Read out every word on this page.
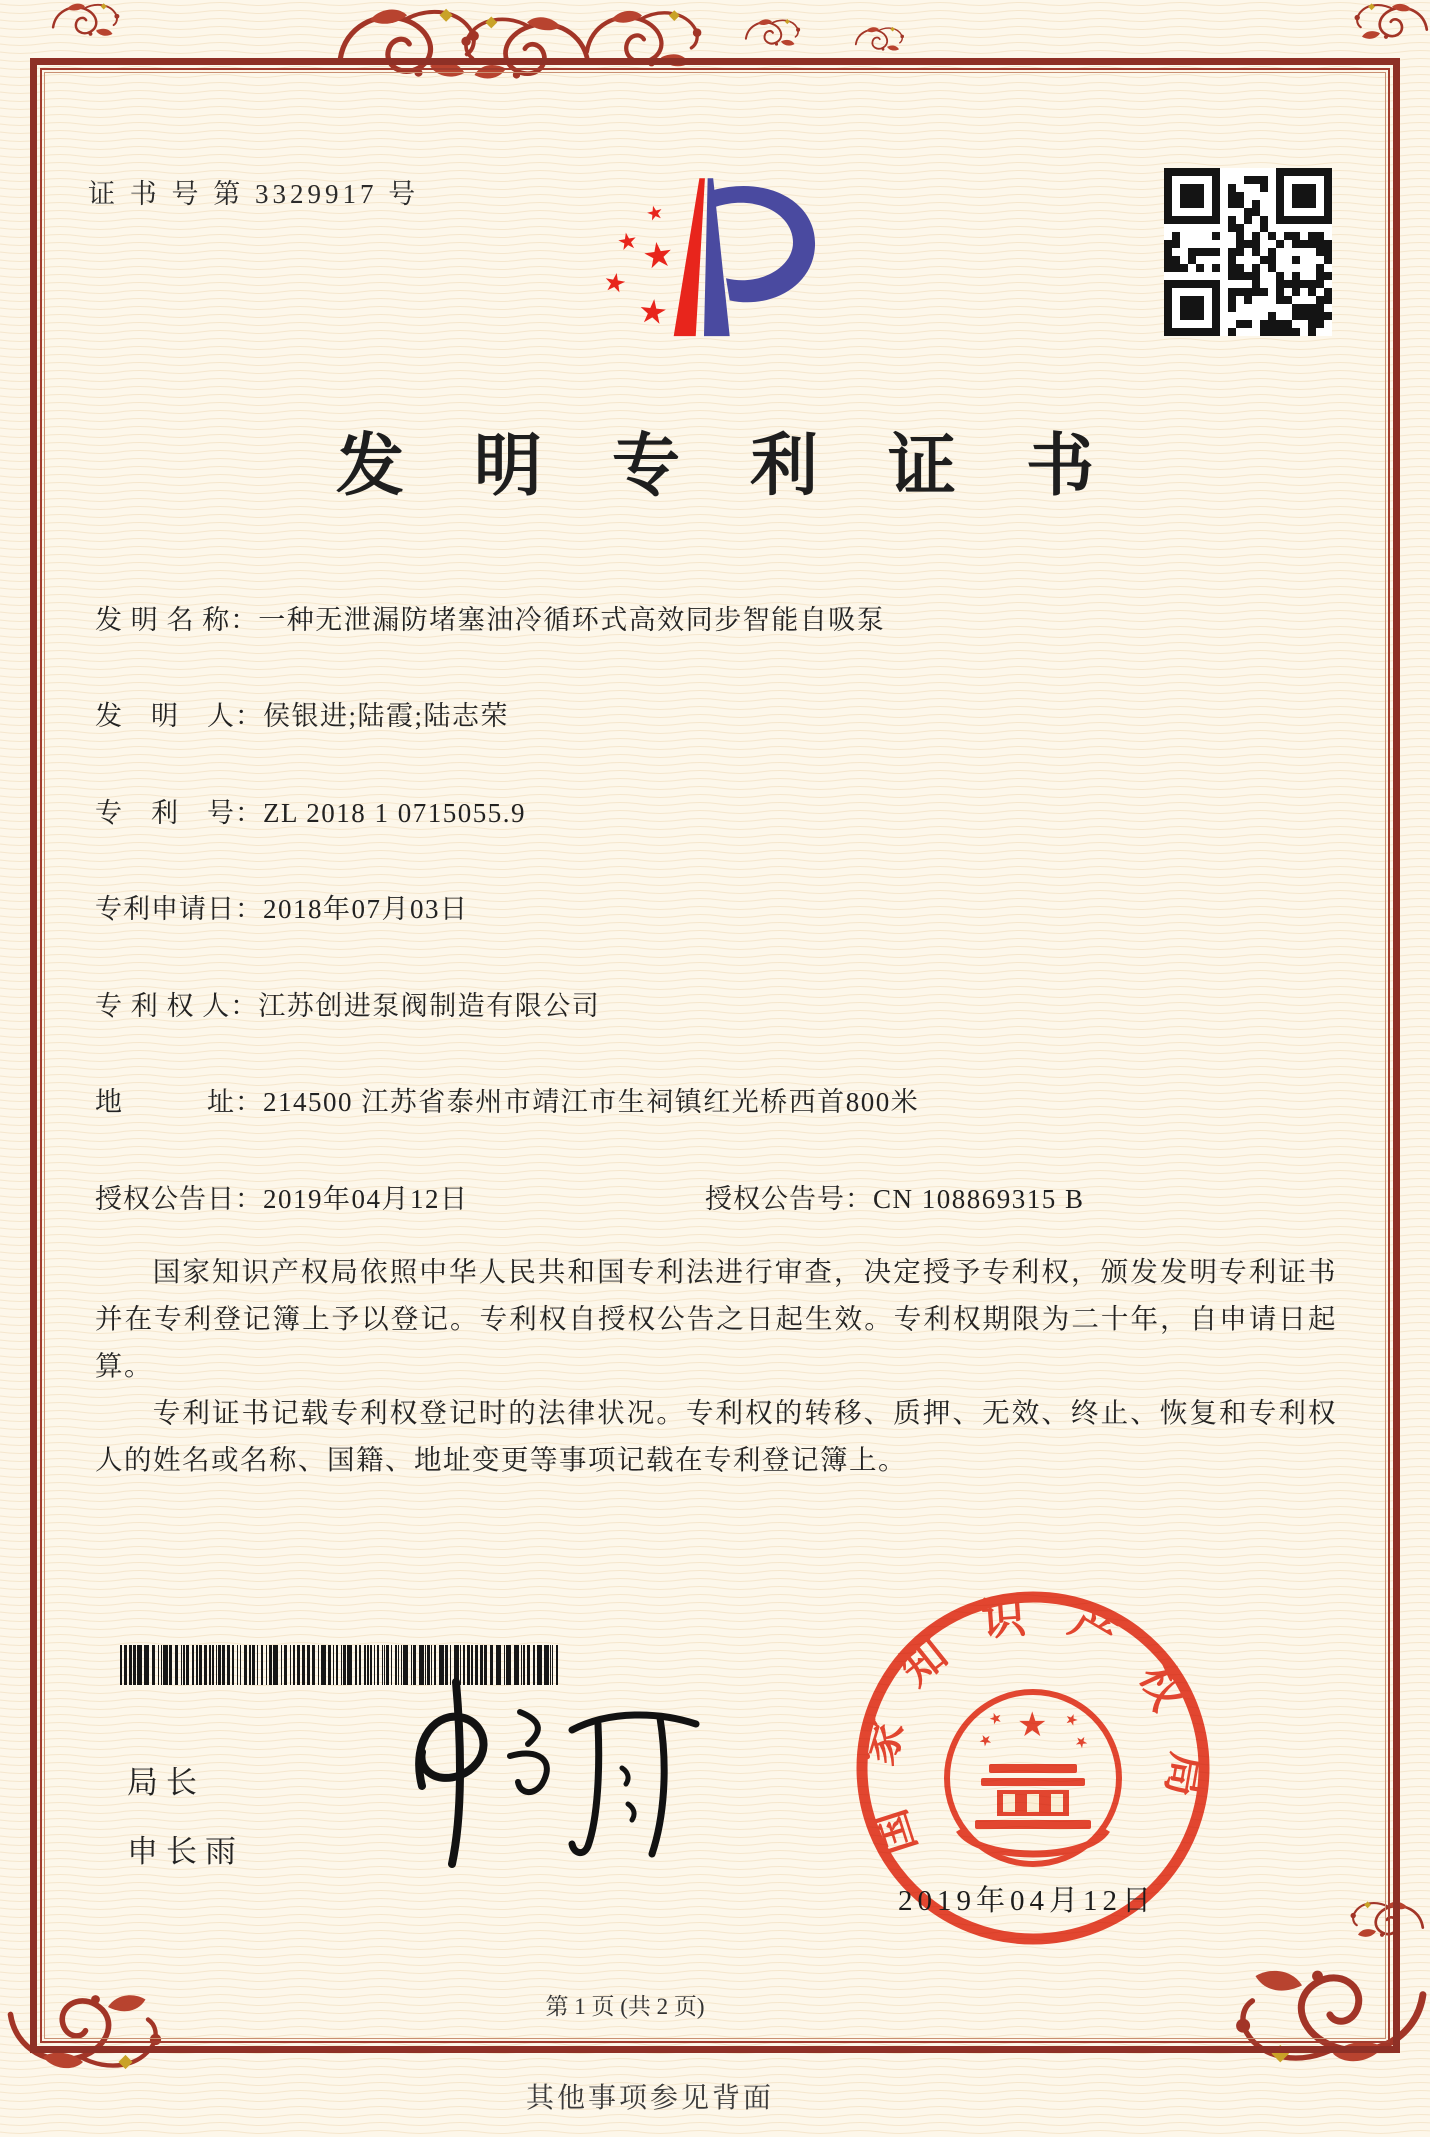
证 书 号 第 3329917 号
★
★ ★
★
★
发明专利证书
发 明 名 称：一种无泄漏防堵塞油冷循环式高效同步智能自吸泵
发　明　人：侯银进;陆霞;陆志荣
专　利　号：ZL 2018 1 0715055.9
专利申请日：2018年07月03日
专 利 权 人：江苏创进泵阀制造有限公司
地　　　址：214500 江苏省泰州市靖江市生祠镇红光桥西首800米
授权公告日：2019年04月12日	授权公告号：CN 108869315 B

国家知识产权局依照中华人民共和国专利法进行审查，决定授予专利权，颁发发明专利证书并在专利登记簿上予以登记。专利权自授权公告之日起生效。专利权期限为二十年，自申请日起算。

专利证书记载专利权登记时的法律状况。专利权的转移、质押、无效、终止、恢复和专利权人的姓名或名称、国籍、地址变更等事项记载在专利登记簿上。

局长
申长雨	国家知识产权局
★
★	★
★	★
2019年04月12日
第 1 页 (共 2 页)
其他事项参见背面
